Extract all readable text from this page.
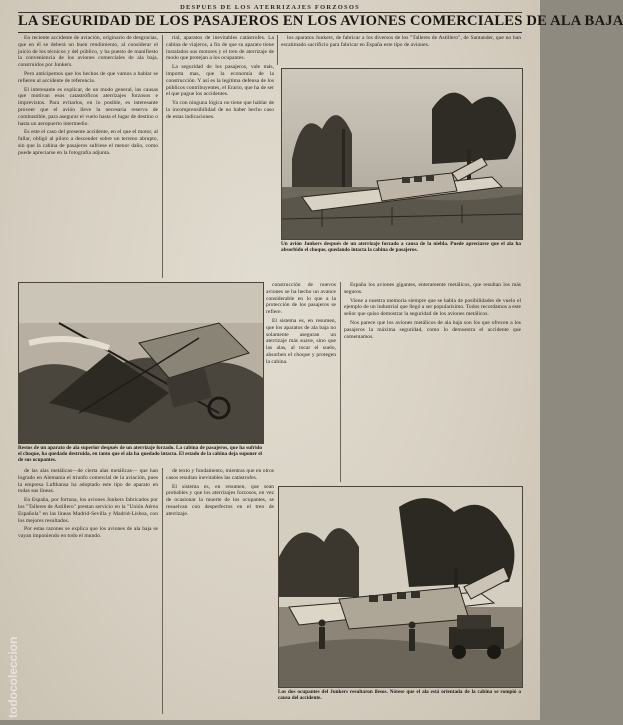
DESPUES DE LOS ATERRIZAJES FORZOSOS
LA SEGURIDAD DE LOS PASAJEROS EN LOS AVIONES COMERCIALES DE ALA BAJA

En reciente accidente de aviación, originario de desgracias, que en él se deberá un buen rendimiento, al considerar el juicio de los técnicos y del público, y ha puesto de manifiesto la conveniencia de los aviones comerciales de ala baja, construidos por Junkers.

Pero anticipemos que los hechos de que vamos a hablar se refieren al accidente de referencia.

El interesante es explicar, de un modo general, las causas que motivan esos catastróficos aterrizajes forzosos e imprevistos. Para evitarlos, en lo posible, es interesante proveer que el avión lleve la necesaria reserva de combustible, para asegurar el vuelo hasta el lugar de destino o hasta un aeropuerto intermedio.

Es este el caso del presente accidente, en el que el motor, al fallar, obligó al piloto a descender sobre un terreno abrupto, sin que la cabina de pasajeros sufriese el menor daño, como puede apreciarse en la fotografía adjunta.

rial, aparatos de inevitables catástrofes. La cabina de viajeros, a fin de que su aparato tiene instalados sus motores y el tren de aterrizaje de modo que protejan a los ocupantes.

La seguridad de los pasajeros, vale más, importa mas, que la economía de la construcción. Y así es la legítima defensa de los públicos contribuyentes, el Erario, que ha de ser el que pague los accidentes.

Ya con ninguna lógica no tiene que hablar de la incomprensibilidad de no haber hecho caso de estas indicaciones.

los aparatos Junkers, de fabricar a los diversos de los "Talleres de Astillero", de Santander, que no han escatimado sacrificio para fabricar en España este tipo de aviones.

Un avión Junkers después de un aterrizaje forzado a causa de la niebla. Puede apreciarse que el ala ha absorbido el choque, quedando intacta la cabina de pasajeros.
Restos de un aparato de ala superior después de un aterrizaje forzado. La cabina de pasajeros, que ha sufrido el choque, ha quedado destruida, en tanto que el ala ha quedado intacta. El estado de la cabina deja suponer el de sus ocupantes.

construcción de nuevos aviones se ha hecho un avance considerable en lo que a la protección de los pasajeros se refiere.

El sistema es, en resumen, que los aparatos de ala baja no solamente aseguran un aterrizaje más suave, sino que las alas, al tocar el suelo, absorben el choque y protegen la cabina.

España los aviones gigantes, enteramente metálicos, que resultan los más seguros.

Viene a nuestra memoria siempre que se habla de posibilidades de vuelo el ejemplo de un industrial que llegó a ser popularísimo. Todos recordamos a este señor que quiso demostrar la seguridad de los aviones metálicos.

Nos parece que los aviones metálicos de ala baja son los que ofrecen a los pasajeros la máxima seguridad, como lo demuestra el accidente que comentamos.

de las alas metálicas—de cierta alas metálicas— que han logrado en Alemania el triunfo comercial de la aviación, pues la empresa Lufthansa ha adoptado este tipo de aparato en todas sus líneas.

En España, por fortuna, los aviones Junkers fabricados por los "Talleres de Astillero" prestan servicio en la "Unión Aérea Española" en las líneas Madrid-Sevilla y Madrid-Lisboa, con los mejores resultados.

Por estas razones se explica que los aviones de ala baja se vayan imponiendo en todo el mundo.

de texto y fundamento, mientras que en otros casos resultan inevitables las catástrofes.

El sistema es, en resumen, que sean probables y que los aterrizajes forzosos, en vez de ocasionar la muerte de los ocupantes, se resuelvan con desperfectos en el tren de aterrizaje.

Los dos ocupantes del Junkers resultaron ilesos. Nótese que el ala está orientada de la cabina se rompió a causa del accidente.
todocoleccion
